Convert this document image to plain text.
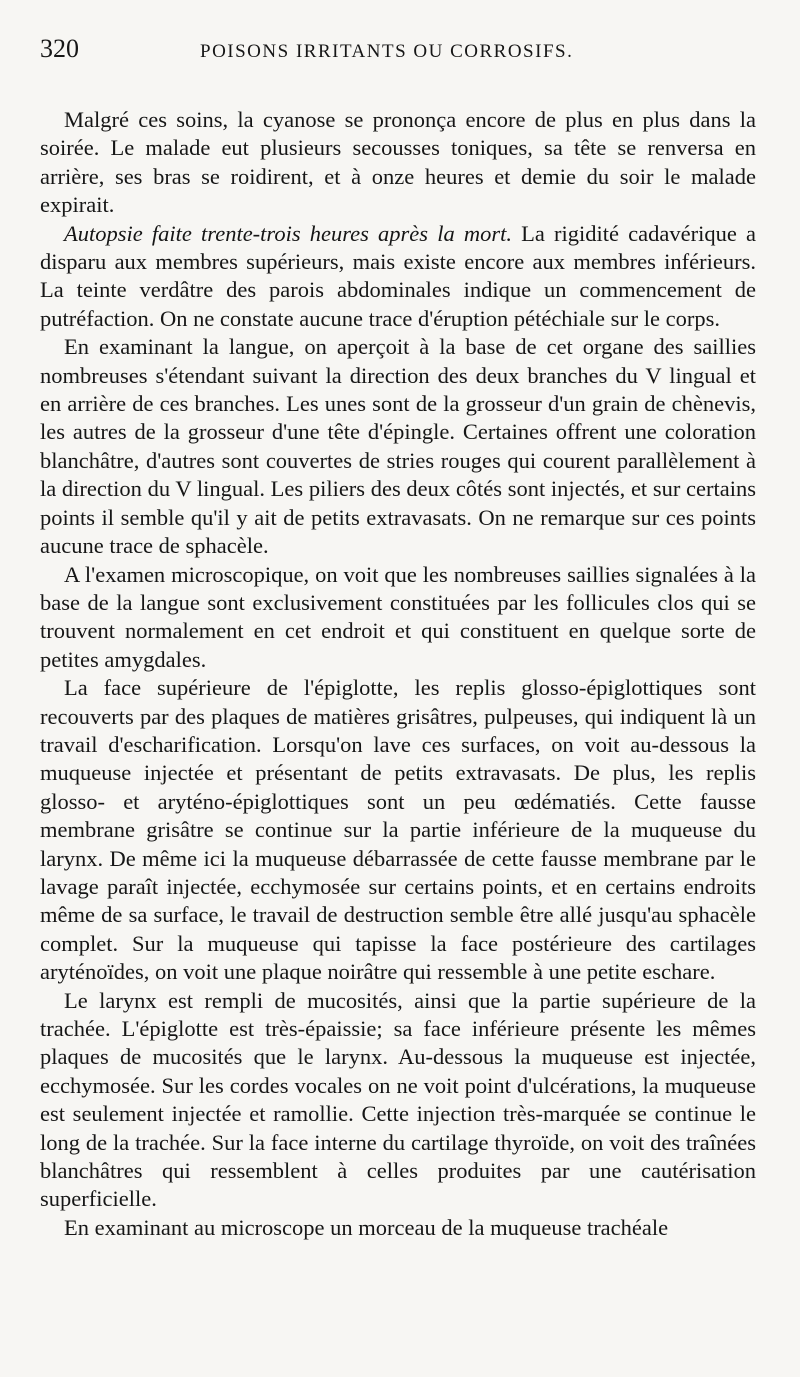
320	POISONS IRRITANTS OU CORROSIFS.

Malgré ces soins, la cyanose se prononça encore de plus en plus dans la soirée. Le malade eut plusieurs secousses toniques, sa tête se renversa en arrière, ses bras se roidirent, et à onze heures et demie du soir le malade expirait.

Autopsie faite trente-trois heures après la mort. La rigidité cadavérique a disparu aux membres supérieurs, mais existe encore aux membres inférieurs. La teinte verdâtre des parois abdominales indique un commencement de putréfaction. On ne constate aucune trace d'éruption pétéchiale sur le corps.

En examinant la langue, on aperçoit à la base de cet organe des saillies nombreuses s'étendant suivant la direction des deux branches du V lingual et en arrière de ces branches. Les unes sont de la grosseur d'un grain de chènevis, les autres de la grosseur d'une tête d'épingle. Certaines offrent une coloration blanchâtre, d'autres sont couvertes de stries rouges qui courent parallèlement à la direction du V lingual. Les piliers des deux côtés sont injectés, et sur certains points il semble qu'il y ait de petits extravasats. On ne remarque sur ces points aucune trace de sphacèle.

A l'examen microscopique, on voit que les nombreuses saillies signalées à la base de la langue sont exclusivement constituées par les follicules clos qui se trouvent normalement en cet endroit et qui constituent en quelque sorte de petites amygdales.

La face supérieure de l'épiglotte, les replis glosso-épiglottiques sont recouverts par des plaques de matières grisâtres, pulpeuses, qui indiquent là un travail d'escharification. Lorsqu'on lave ces surfaces, on voit au-dessous la muqueuse injectée et présentant de petits extravasats. De plus, les replis glosso- et aryténo-épiglottiques sont un peu œdématiés. Cette fausse membrane grisâtre se continue sur la partie inférieure de la muqueuse du larynx. De même ici la muqueuse débarrassée de cette fausse membrane par le lavage paraît injectée, ecchymosée sur certains points, et en certains endroits même de sa surface, le travail de destruction semble être allé jusqu'au sphacèle complet. Sur la muqueuse qui tapisse la face postérieure des cartilages aryténoïdes, on voit une plaque noirâtre qui ressemble à une petite eschare.

Le larynx est rempli de mucosités, ainsi que la partie supérieure de la trachée. L'épiglotte est très-épaissie; sa face inférieure présente les mêmes plaques de mucosités que le larynx. Au-dessous la muqueuse est injectée, ecchymosée. Sur les cordes vocales on ne voit point d'ulcérations, la muqueuse est seulement injectée et ramollie. Cette injection très-marquée se continue le long de la trachée. Sur la face interne du cartilage thyroïde, on voit des traînées blanchâtres qui ressemblent à celles produites par une cautérisation superficielle.

En examinant au microscope un morceau de la muqueuse trachéale
